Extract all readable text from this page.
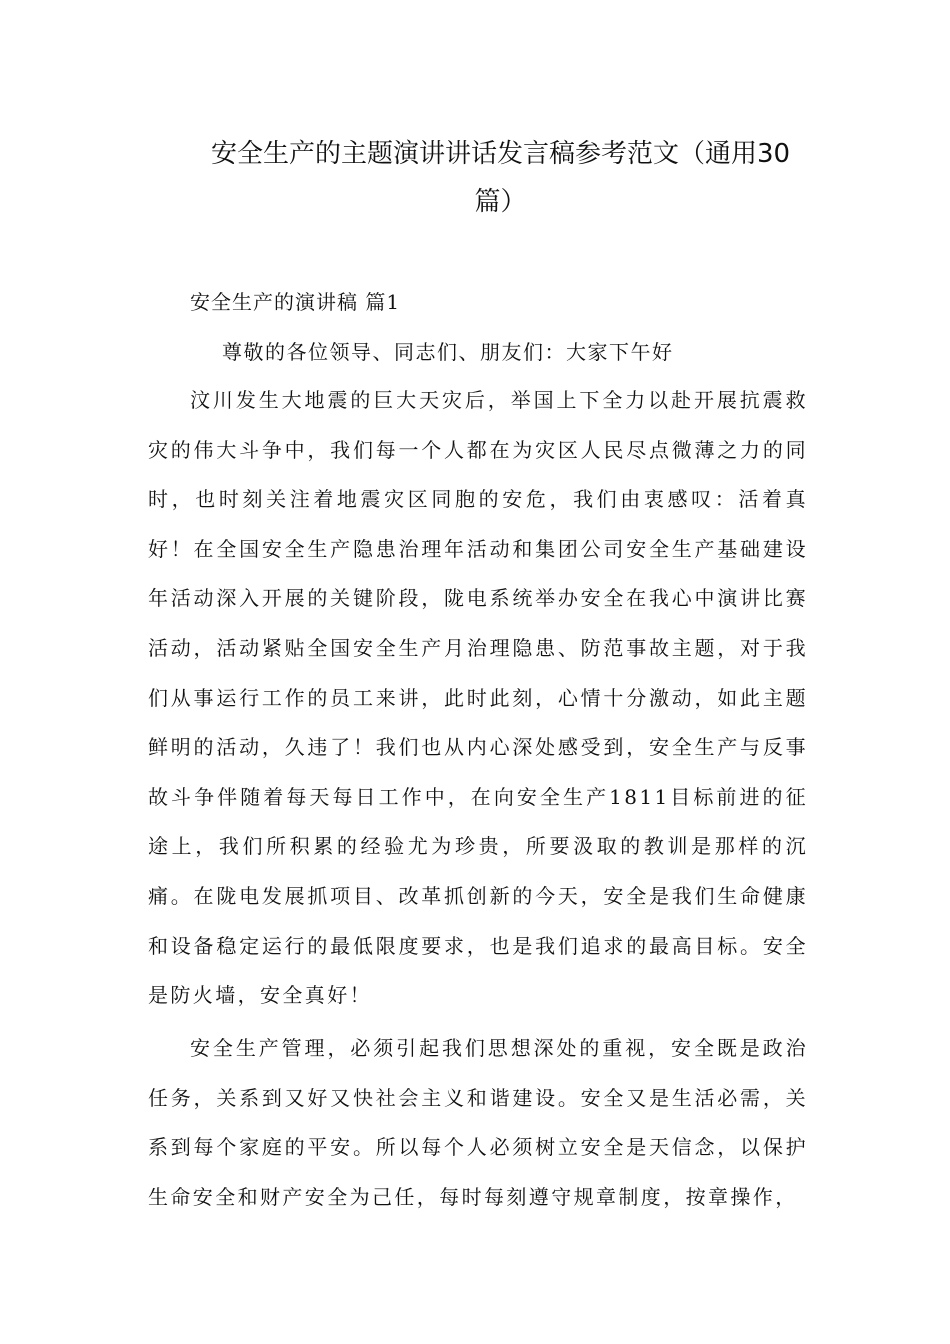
安全生产的主题演讲讲话发言稿参考范文（通用30
篇）
安全生产的演讲稿 篇1
尊敬的各位领导、同志们、朋友们：大家下午好
汶川发生大地震的巨大天灾后，举国上下全力以赴开展抗震救灾的伟大斗争中，我们每一个人都在为灾区人民尽点微薄之力的同时，也时刻关注着地震灾区同胞的安危，我们由衷感叹：活着真好！在全国安全生产隐患治理年活动和集团公司安全生产基础建设年活动深入开展的关键阶段，陇电系统举办安全在我心中演讲比赛活动，活动紧贴全国安全生产月治理隐患、防范事故主题，对于我们从事运行工作的员工来讲，此时此刻，心情十分激动，如此主题鲜明的活动，久违了！我们也从内心深处感受到，安全生产与反事故斗争伴随着每天每日工作中，在向安全生产1811目标前进的征途上，我们所积累的经验尤为珍贵，所要汲取的教训是那样的沉痛。在陇电发展抓项目、改革抓创新的今天，安全是我们生命健康和设备稳定运行的最低限度要求，也是我们追求的最高目标。安全是防火墙，安全真好！
安全生产管理，必须引起我们思想深处的重视，安全既是政治任务，关系到又好又快社会主义和谐建设。安全又是生活必需，关系到每个家庭的平安。所以每个人必须树立安全是天信念，以保护生命安全和财产安全为己任，每时每刻遵守规章制度，按章操作，
